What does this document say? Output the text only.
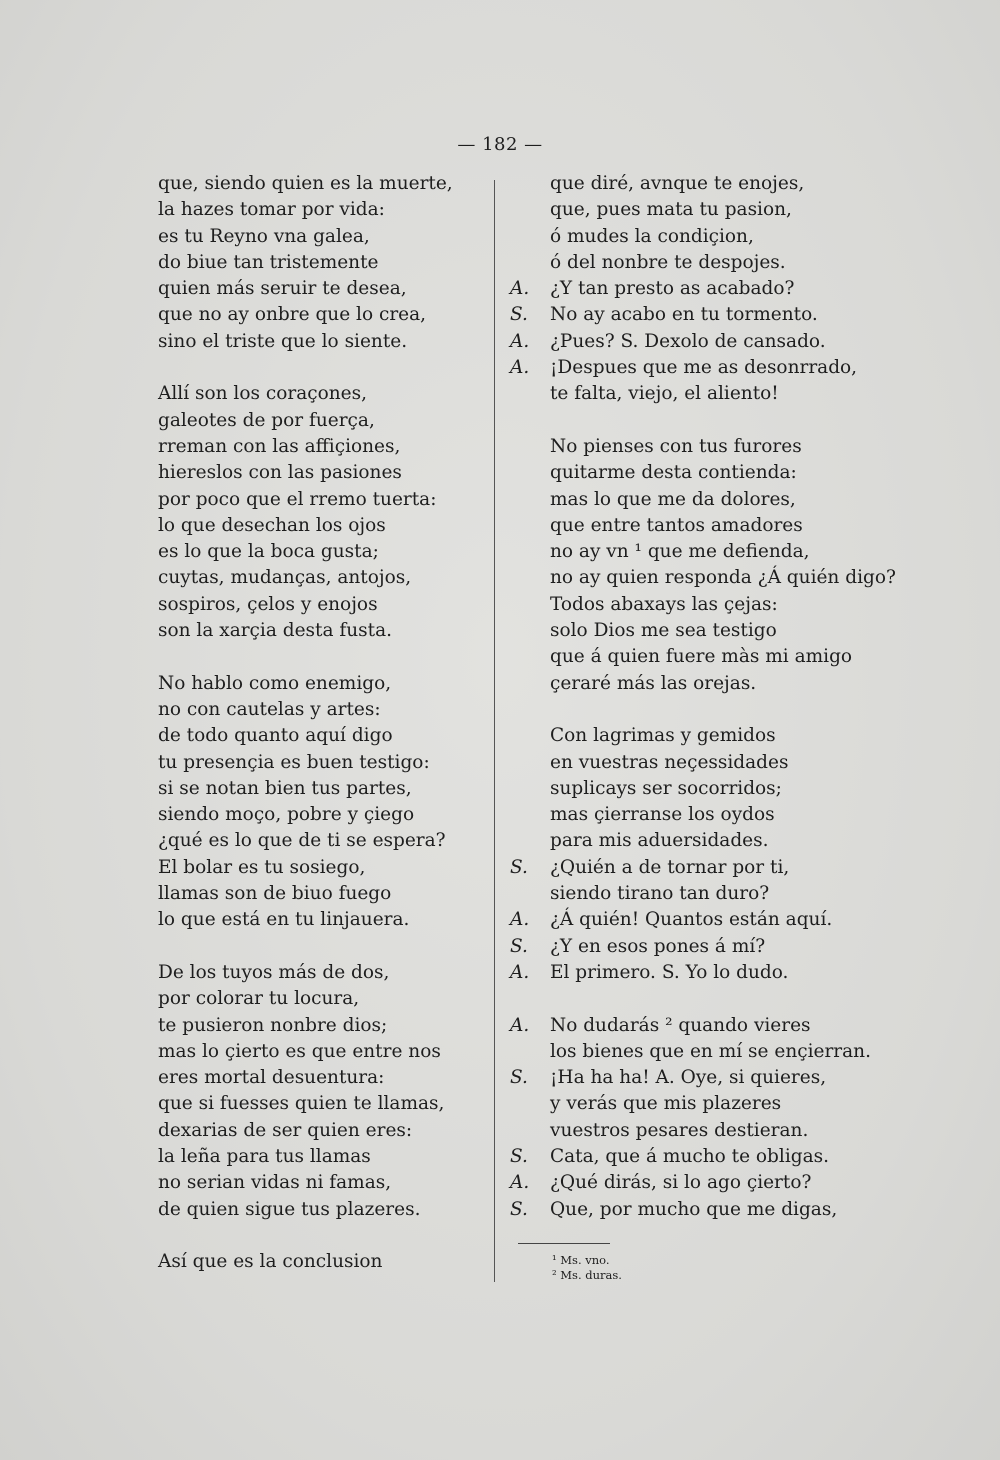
— 182 —
que, siendo quien es la muerte,
la hazes tomar por vida:
es tu Reyno vna galea,
do biue tan tristemente
quien más seruir te desea,
que no ay onbre que lo crea,
sino el triste que lo siente.
Allí son los coraçones,
galeotes de por fuerça,
rreman con las affiçiones,
hiereslos con las pasiones
por poco que el rremo tuerta:
lo que desechan los ojos
es lo que la boca gusta;
cuytas, mudanças, antojos,
sospiros, çelos y enojos
son la xarçia desta fusta.
No hablo como enemigo,
no con cautelas y artes:
de todo quanto aquí digo
tu presençia es buen testigo:
si se notan bien tus partes,
siendo moço, pobre y çiego
¿qué es lo que de ti se espera?
El bolar es tu sosiego,
llamas son de biuo fuego
lo que está en tu linjauera.
De los tuyos más de dos,
por colorar tu locura,
te pusieron nonbre dios;
mas lo çierto es que entre nos
eres mortal desuentura:
que si fuesses quien te llamas,
dexarias de ser quien eres:
la leña para tus llamas
no serian vidas ni famas,
de quien sigue tus plazeres.
Así que es la conclusion
que diré, avnque te enojes,
que, pues mata tu pasion,
ó mudes la condiçion,
ó del nonbre te despojes.
A.	¿Y tan presto as acabado?
S.	No ay acabo en tu tormento.
A.	¿Pues? S. Dexolo de cansado.
A.	¡Despues que me as desonrrado,
te falta, viejo, el aliento!
No pienses con tus furores
quitarme desta contienda:
mas lo que me da dolores,
que entre tantos amadores
no ay vn ¹ que me defienda,
no ay quien responda ¿Á quién digo?
Todos abaxays las çejas:
solo Dios me sea testigo
que á quien fuere màs mi amigo
çeraré más las orejas.
Con lagrimas y gemidos
en vuestras neçessidades
suplicays ser socorridos;
mas çierranse los oydos
para mis aduersidades.
S.	¿Quién a de tornar por ti,
siendo tirano tan duro?
A.	¿Á quién! Quantos están aquí.
S.	¿Y en esos pones á mí?
A.	El primero. S. Yo lo dudo.
A.	No dudarás ² quando vieres
los bienes que en mí se ençierran.
S.	¡Ha ha ha! A. Oye, si quieres,
y verás que mis plazeres
vuestros pesares destieran.
S.	Cata, que á mucho te obligas.
A.	¿Qué dirás, si lo ago çierto?
S.	Que, por mucho que me digas,
¹ Ms. vno.
² Ms. duras.
